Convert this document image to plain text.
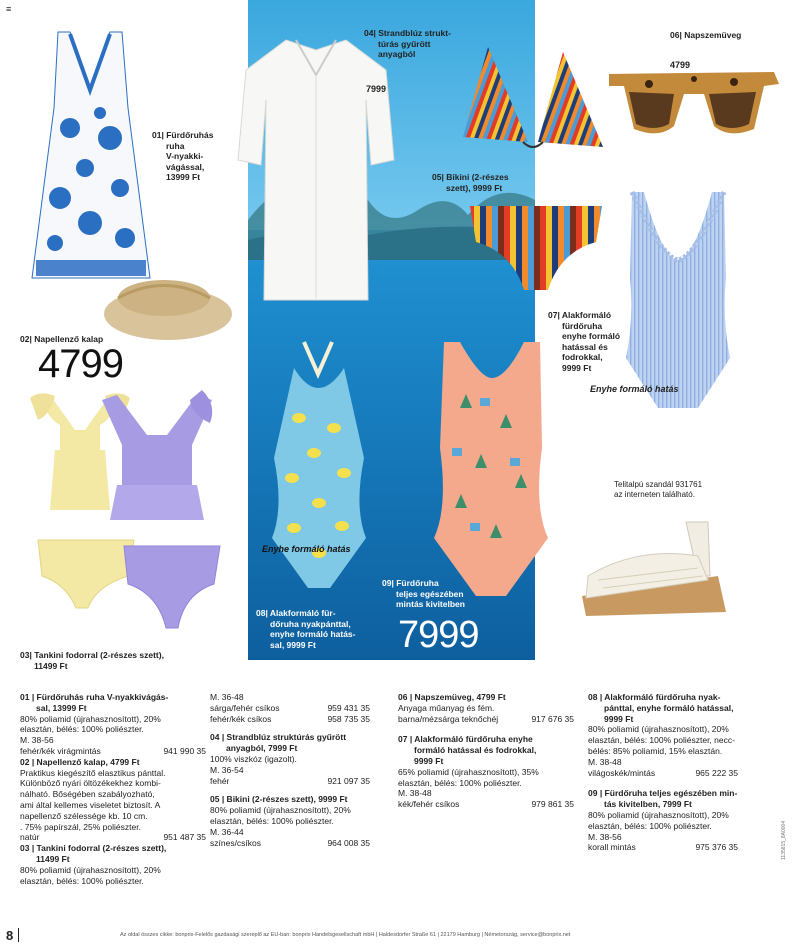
≡
01| Fürdőruhás
ruha
V-nyakki-
vágással,
13999 Ft
02| Napellenző kalap
4799
03| Tankini fodorral (2-részes szett),
11499 Ft
04| Strandblúz strukt-
túrás gyűrött
anyagból
7999
05| Bikini (2-részes
szett), 9999 Ft
06| Napszemüveg
4799
07| Alakformáló
fürdőruha
enyhe formáló
hatással és
fodrokkal,
9999 Ft
Enyhe formáló hatás
Enyhe formáló hatás
08| Alakformáló für-
dőruha nyakpánttal,
enyhe formáló hatás-
sal, 9999 Ft
09| Fürdőruha
teljes egészében
mintás kivitelben
7999
Telitalpú szandál 931761
az interneten található.
01 | Fürdőruhás ruha V-nyakkivágás-
sal, 13999 Ft
80% poliamid (újrahasznosított), 20%
elasztán, bélés: 100% poliészter.
M. 38-56
fehér/kék virágmintás	941 990 35
02 | Napellenző kalap, 4799 Ft
Praktikus kiegészítő elasztikus pánttal.
Különböző nyári öltözékekhez kombi-
nálható. Bőségében szabályozható,
ami által kellemes viseletet biztosít. A
napellenző szélessége kb. 10 cm.
. 75% papírszál, 25% poliészter.
natúr	951 487 35
03 | Tankini fodorral (2-részes szett),
11499 Ft
80% poliamid (újrahasznosított), 20%
elasztán, bélés: 100% poliészter.
M. 36-48
sárga/fehér csíkos	959 431 35
fehér/kék csíkos	958 735 35
04 | Strandblúz struktúrás gyűrött
anyagból, 7999 Ft
100% viszkóz (igazolt).
M. 36-54
fehér	921 097 35
05 | Bikini (2-részes szett), 9999 Ft
80% poliamid (újrahasznosított), 20%
elasztán, bélés: 100% poliészter.
M. 36-44
színes/csíkos	964 008 35
06 | Napszemüveg, 4799 Ft
Anyaga műanyag és fém.
barna/mézsárga teknőchéj	917 676 35
07 | Alakformáló fürdőruha enyhe
formáló hatással és fodrokkal,
9999 Ft
65% poliamid (újrahasznosított), 35%
elasztán, bélés: 100% poliészter.
M. 38-48
kék/fehér csíkos	979 861 35
08 | Alakformáló fürdőruha nyak-
pánttal, enyhe formáló hatással,
9999 Ft
80% poliamid (újrahasznosított), 20%
elasztán, bélés: 100% poliészter, necc-
bélés: 85% poliamid, 15% elasztán.
M. 38-48
világoskék/mintás	965 222 35
09 | Fürdőruha teljes egészében min-
tás kivitelben, 7999 Ft
80% poliamid (újrahasznosított), 20%
elasztán, bélés: 100% poliészter.
M. 38-56
korall mintás	975 376 35	1135815_8A0004
8	Az oldal összes cikke: bonprix-Felelős gazdasági szereplő az EU-ban: bonprix Handelsgesellschaft mbH | Haldesdorfer Straße 61 | 22179 Hamburg | Németország, service@bonprix.net
